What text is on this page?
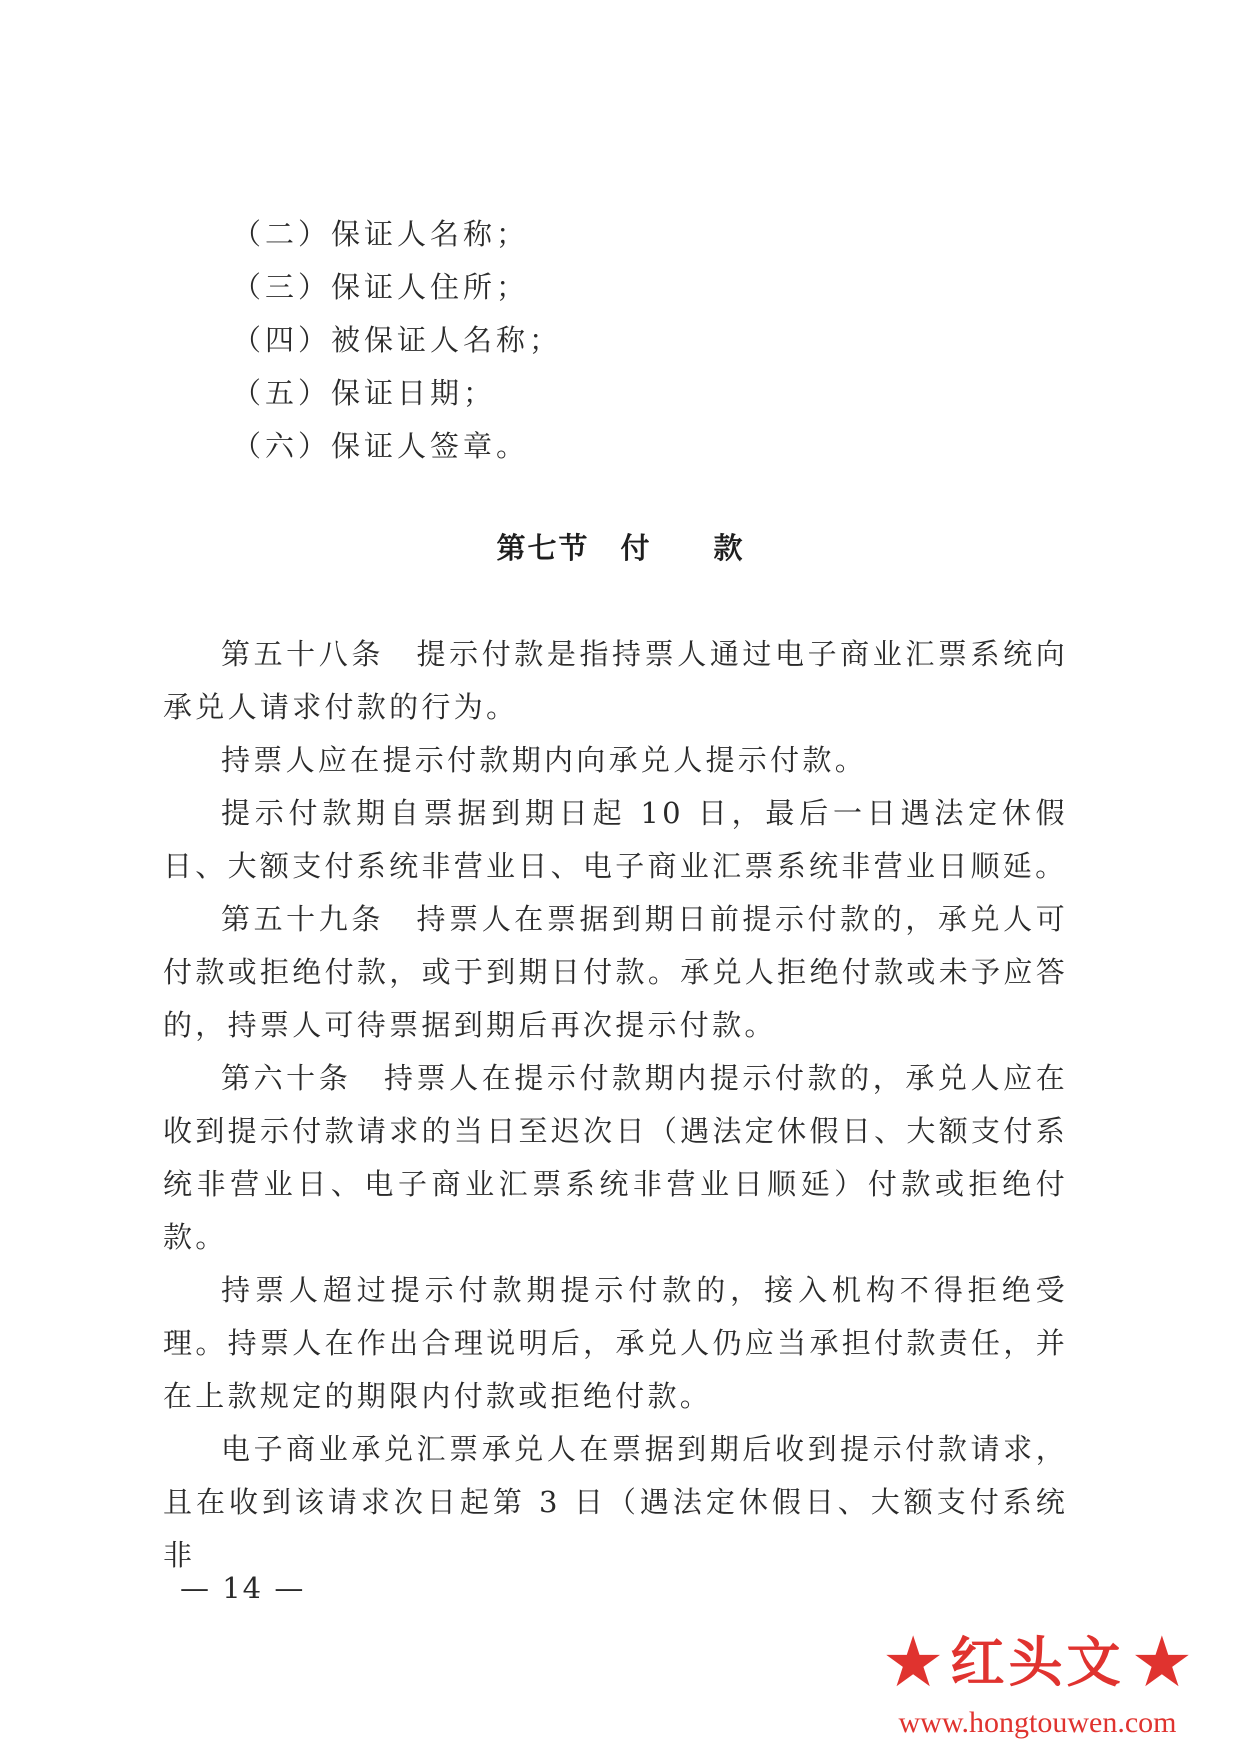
（二）保证人名称；
（三）保证人住所；
（四）被保证人名称；
（五）保证日期；
（六）保证人签章。
第七节　付　　款

第五十八条　提示付款是指持票人通过电子商业汇票系统向承兑人请求付款的行为。

持票人应在提示付款期内向承兑人提示付款。

提示付款期自票据到期日起 10 日，最后一日遇法定休假日、大额支付系统非营业日、电子商业汇票系统非营业日顺延。

第五十九条　持票人在票据到期日前提示付款的，承兑人可付款或拒绝付款，或于到期日付款。承兑人拒绝付款或未予应答的，持票人可待票据到期后再次提示付款。

第六十条　持票人在提示付款期内提示付款的，承兑人应在收到提示付款请求的当日至迟次日（遇法定休假日、大额支付系统非营业日、电子商业汇票系统非营业日顺延）付款或拒绝付款。

持票人超过提示付款期提示付款的，接入机构不得拒绝受理。持票人在作出合理说明后，承兑人仍应当承担付款责任，并在上款规定的期限内付款或拒绝付款。

电子商业承兑汇票承兑人在票据到期后收到提示付款请求，且在收到该请求次日起第 3 日（遇法定休假日、大额支付系统非

— 14 —
★ 红头文 ★
www.hongtouwen.com
